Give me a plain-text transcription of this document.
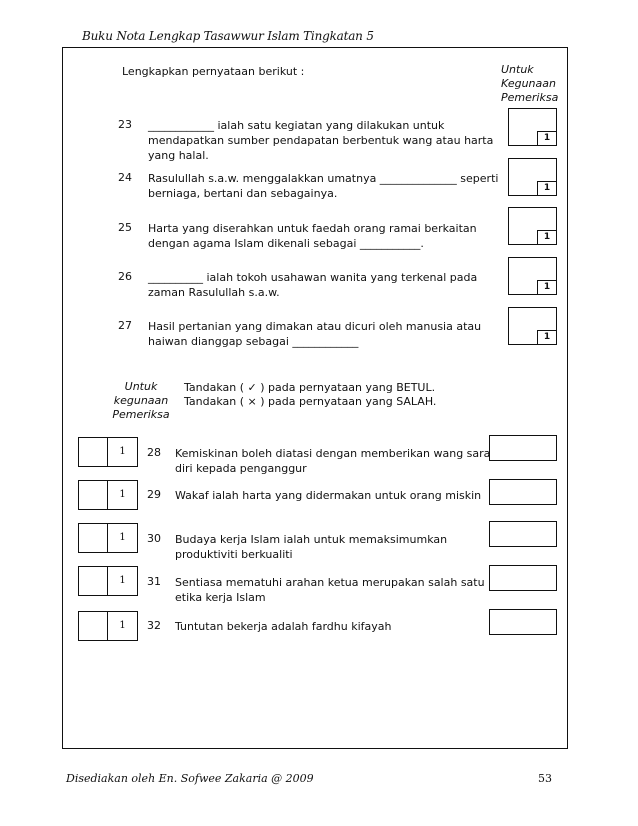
Buku Nota Lengkap Tasawwur Islam Tingkatan 5
Lengkapkan pernyataan berikut :	Untuk
Kegunaan
Pemeriksa
23 ____________ ialah satu kegiatan yang dilakukan untuk
mendapatkan sumber pendapatan berbentuk wang atau harta
yang halal.
1
24 Rasulullah s.a.w. menggalakkan umatnya ______________ seperti
berniaga, bertani dan sebagainya.	1
25 Harta yang diserahkan untuk faedah orang ramai berkaitan
dengan agama Islam dikenali sebagai ___________.	1
26 __________ ialah tokoh usahawan wanita yang terkenal pada
zaman Rasulullah s.a.w.	1
27 Hasil pertanian yang dimakan atau dicuri oleh manusia atau
haiwan dianggap sebagai ____________	1
Untuk
kegunaan
Pemeriksa
Tandakan ( ✓ ) pada pernyataan yang BETUL.
Tandakan ( × ) pada pernyataan yang SALAH.
1	28 Kemiskinan boleh diatasi dengan memberikan wang sara
diri kepada penganggur
1	29 Wakaf ialah harta yang didermakan untuk orang miskin
1	30 Budaya kerja Islam ialah untuk memaksimumkan
produktiviti berkualiti
1	31 Sentiasa mematuhi arahan ketua merupakan salah satu
etika kerja Islam
1	32 Tuntutan bekerja adalah fardhu kifayah
Disediakan oleh En. Sofwee Zakaria @ 2009	53
